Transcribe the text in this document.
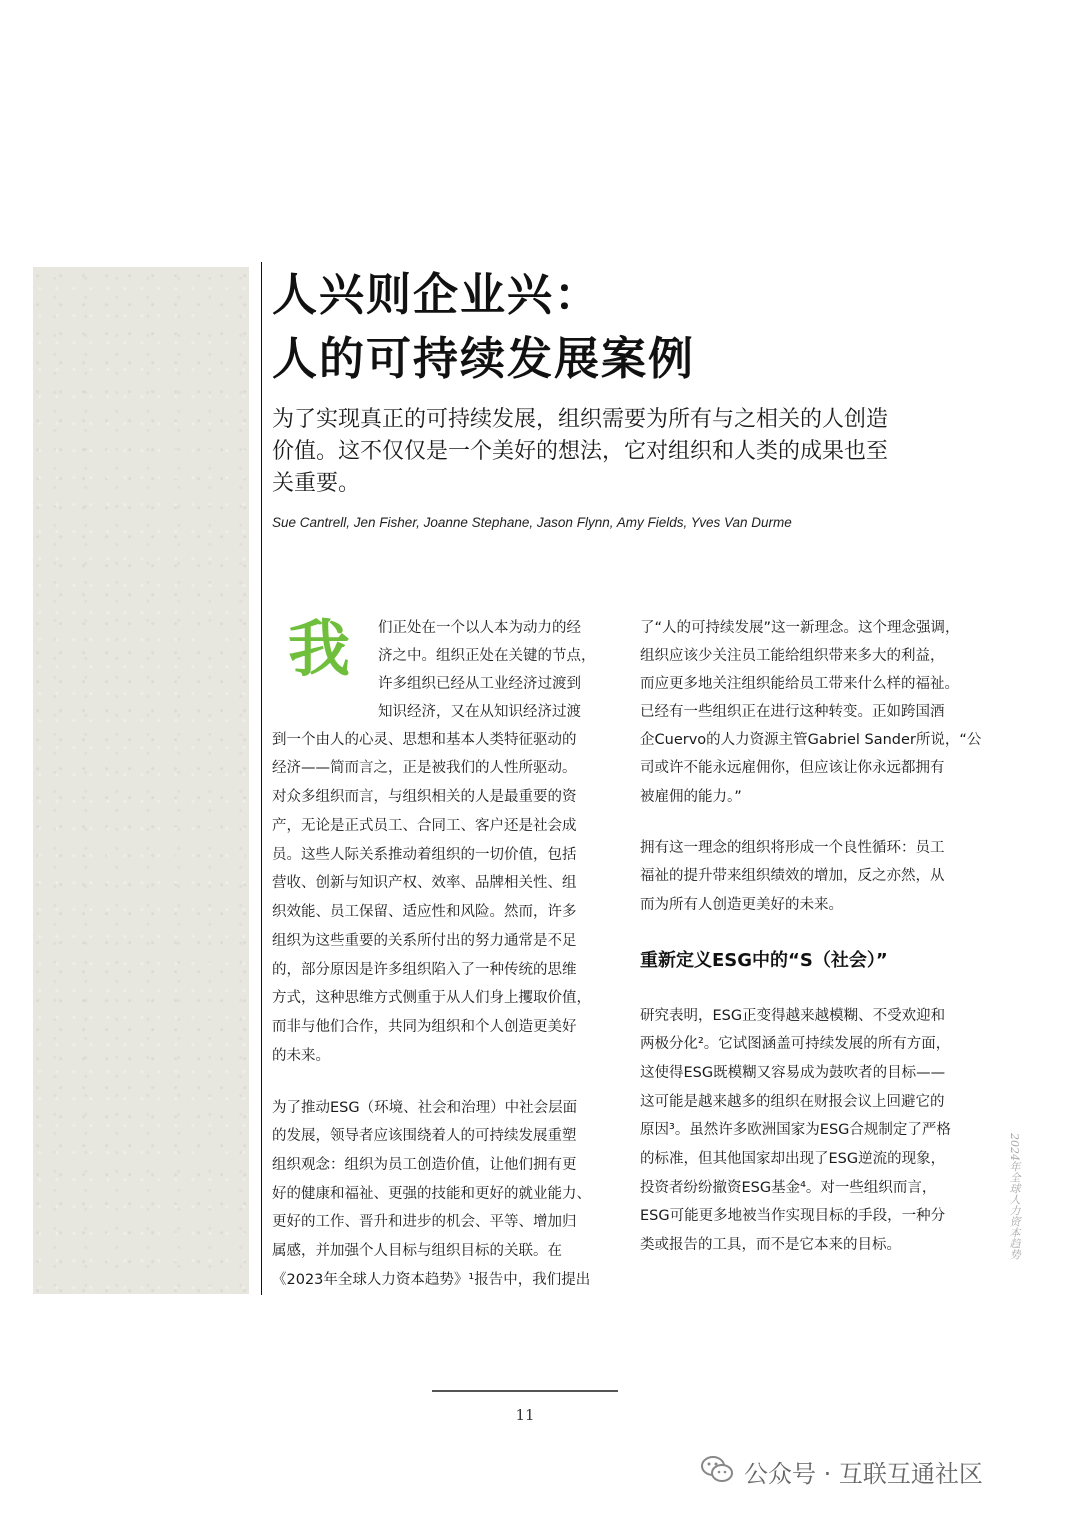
人兴则企业兴：
人的可持续发展案例
为了实现真正的可持续发展，组织需要为所有与之相关的人创造
价值。这不仅仅是一个美好的想法，它对组织和人类的成果也至
关重要。
Sue Cantrell, Jen Fisher, Joanne Stephane, Jason Flynn, Amy Fields, Yves Van Durme
我 们正处在一个以人本为动力的经
济之中。组织正处在关键的节点，
许多组织已经从工业经济过渡到
知识经济，又在从知识经济过渡
到一个由人的心灵、思想和基本人类特征驱动的
经济——简而言之，正是被我们的人性所驱动。
对众多组织而言，与组织相关的人是最重要的资
产，无论是正式员工、合同工、客户还是社会成
员。这些人际关系推动着组织的一切价值，包括
营收、创新与知识产权、效率、品牌相关性、组
织效能、员工保留、适应性和风险。然而，许多
组织为这些重要的关系所付出的努力通常是不足
的，部分原因是许多组织陷入了一种传统的思维
方式，这种思维方式侧重于从人们身上攫取价值，
而非与他们合作，共同为组织和个人创造更美好
的未来。
为了推动ESG（环境、社会和治理）中社会层面
的发展，领导者应该围绕着人的可持续发展重塑
组织观念：组织为员工创造价值，让他们拥有更
好的健康和福祉、更强的技能和更好的就业能力、
更好的工作、晋升和进步的机会、平等、增加归
属感，并加强个人目标与组织目标的关联。在
《2023年全球人力资本趋势》¹报告中，我们提出
了“人的可持续发展”这一新理念。这个理念强调，
组织应该少关注员工能给组织带来多大的利益，
而应更多地关注组织能给员工带来什么样的福祉。
已经有一些组织正在进行这种转变。正如跨国酒
企Cuervo的人力资源主管Gabriel Sander所说，“公
司或许不能永远雇佣你，但应该让你永远都拥有
被雇佣的能力。”
拥有这一理念的组织将形成一个良性循环：员工
福祉的提升带来组织绩效的增加，反之亦然，从
而为所有人创造更美好的未来。
重新定义ESG中的“S（社会）”
研究表明，ESG正变得越来越模糊、不受欢迎和
两极分化²。它试图涵盖可持续发展的所有方面，
这使得ESG既模糊又容易成为鼓吹者的目标——
这可能是越来越多的组织在财报会议上回避它的
原因³。虽然许多欧洲国家为ESG合规制定了严格
的标准，但其他国家却出现了ESG逆流的现象，
投资者纷纷撤资ESG基金⁴。对一些组织而言，
ESG可能更多地被当作实现目标的手段，一种分
类或报告的工具，而不是它本来的目标。	2024年全球人力资本趋势
11
公众号 · 互联互通社区
